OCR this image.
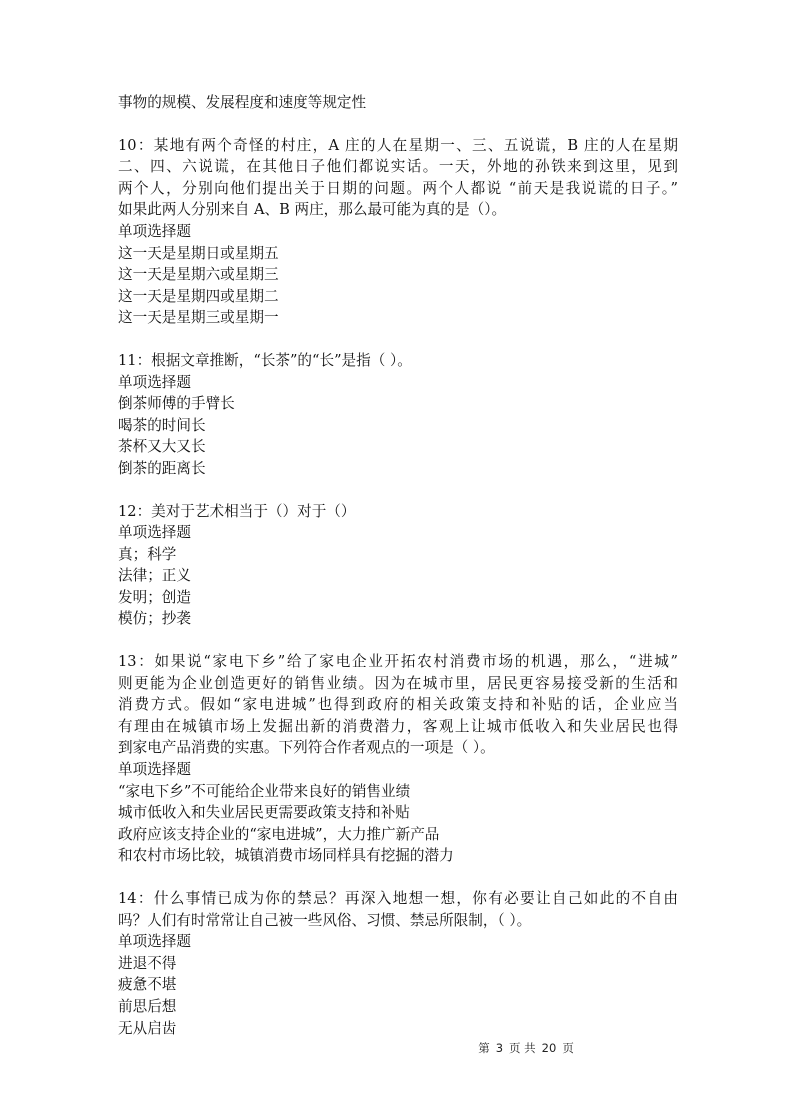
事物的规模、发展程度和速度等规定性
10：某地有两个奇怪的村庄，A 庄的人在星期一、三、五说谎，B 庄的人在星期
二、四、六说谎，在其他日子他们都说实话。一天，外地的孙铁来到这里，见到
两个人，分别向他们提出关于日期的问题。两个人都说 “前天是我说谎的日子。”
如果此两人分别来自 A、B 两庄，那么最可能为真的是（）。
单项选择题
这一天是星期日或星期五
这一天是星期六或星期三
这一天是星期四或星期二
这一天是星期三或星期一
11：根据文章推断，“长茶”的“长”是指（ ）。
单项选择题
倒茶师傅的手臂长
喝茶的时间长
茶杯又大又长
倒茶的距离长
12：美对于艺术相当于（）对于（）
单项选择题
真；科学
法律；正义
发明；创造
模仿；抄袭
13：如果说“家电下乡”给了家电企业开拓农村消费市场的机遇，那么，“进城”
则更能为企业创造更好的销售业绩。因为在城市里，居民更容易接受新的生活和
消费方式。假如“家电进城”也得到政府的相关政策支持和补贴的话，企业应当
有理由在城镇市场上发掘出新的消费潜力，客观上让城市低收入和失业居民也得
到家电产品消费的实惠。下列符合作者观点的一项是（ ）。
单项选择题
“家电下乡”不可能给企业带来良好的销售业绩
城市低收入和失业居民更需要政策支持和补贴
政府应该支持企业的“家电进城”，大力推广新产品
和农村市场比较，城镇消费市场同样具有挖掘的潜力
14：什么事情已成为你的禁忌？再深入地想一想，你有必要让自己如此的不自由
吗？人们有时常常让自己被一些风俗、习惯、禁忌所限制，（ ）。
单项选择题
进退不得
疲惫不堪
前思后想
无从启齿
第 3 页 共 20 页
